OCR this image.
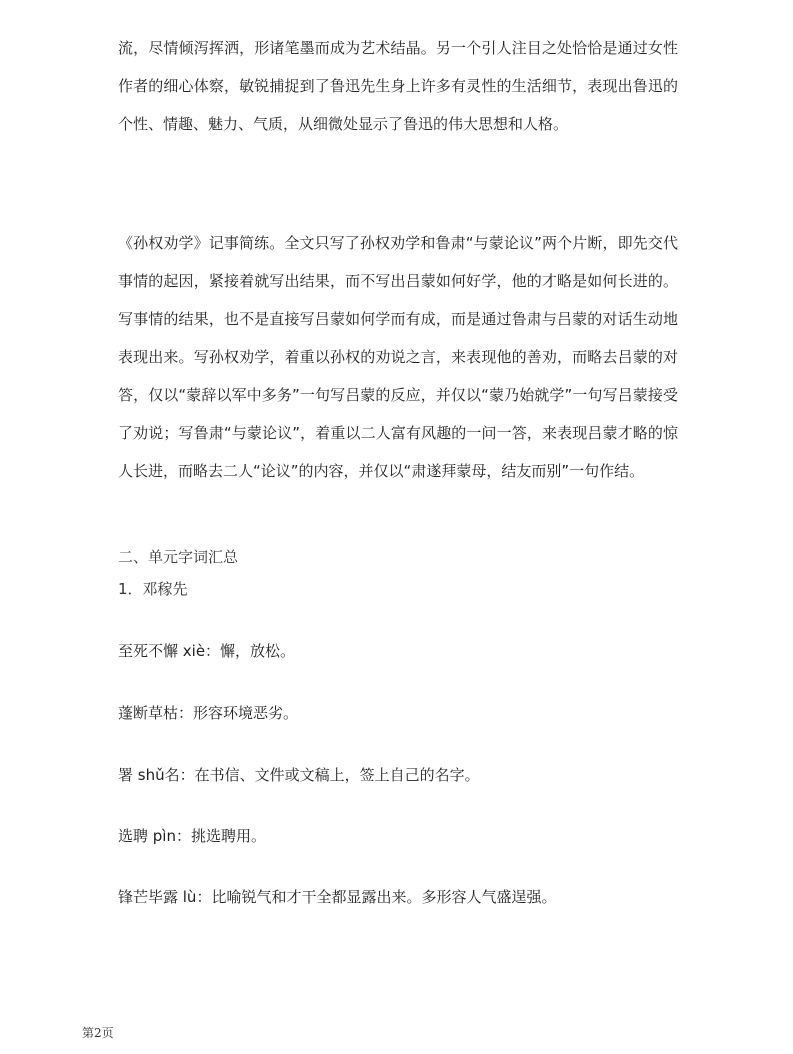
流，尽情倾泻挥洒，形诸笔墨而成为艺术结晶。另一个引人注目之处恰恰是通过女性作者的细心体察，敏锐捕捉到了鲁迅先生身上许多有灵性的生活细节，表现出鲁迅的个性、情趣、魅力、气质，从细微处显示了鲁迅的伟大思想和人格。

《孙权劝学》记事简练。全文只写了孙权劝学和鲁肃“与蒙论议”两个片断，即先交代事情的起因，紧接着就写出结果，而不写出吕蒙如何好学，他的才略是如何长进的。写事情的结果，也不是直接写吕蒙如何学而有成，而是通过鲁肃与吕蒙的对话生动地表现出来。写孙权劝学，着重以孙权的劝说之言，来表现他的善劝，而略去吕蒙的对答，仅以“蒙辞以军中多务”一句写吕蒙的反应，并仅以“蒙乃始就学”一句写吕蒙接受了劝说；写鲁肃“与蒙论议”，着重以二人富有风趣的一问一答，来表现吕蒙才略的惊人长进，而略去二人“论议”的内容，并仅以“肃遂拜蒙母，结友而别”一句作结。

二、单元字词汇总
1．邓稼先
至死不懈 xiè：懈，放松。
蓬断草枯：形容环境恶劣。
署 shǔ名：在书信、文件或文稿上，签上自己的名字。
选聘 pìn：挑选聘用。
锋芒毕露 lù：比喻锐气和才干全都显露出来。多形容人气盛逞强。
第2页
